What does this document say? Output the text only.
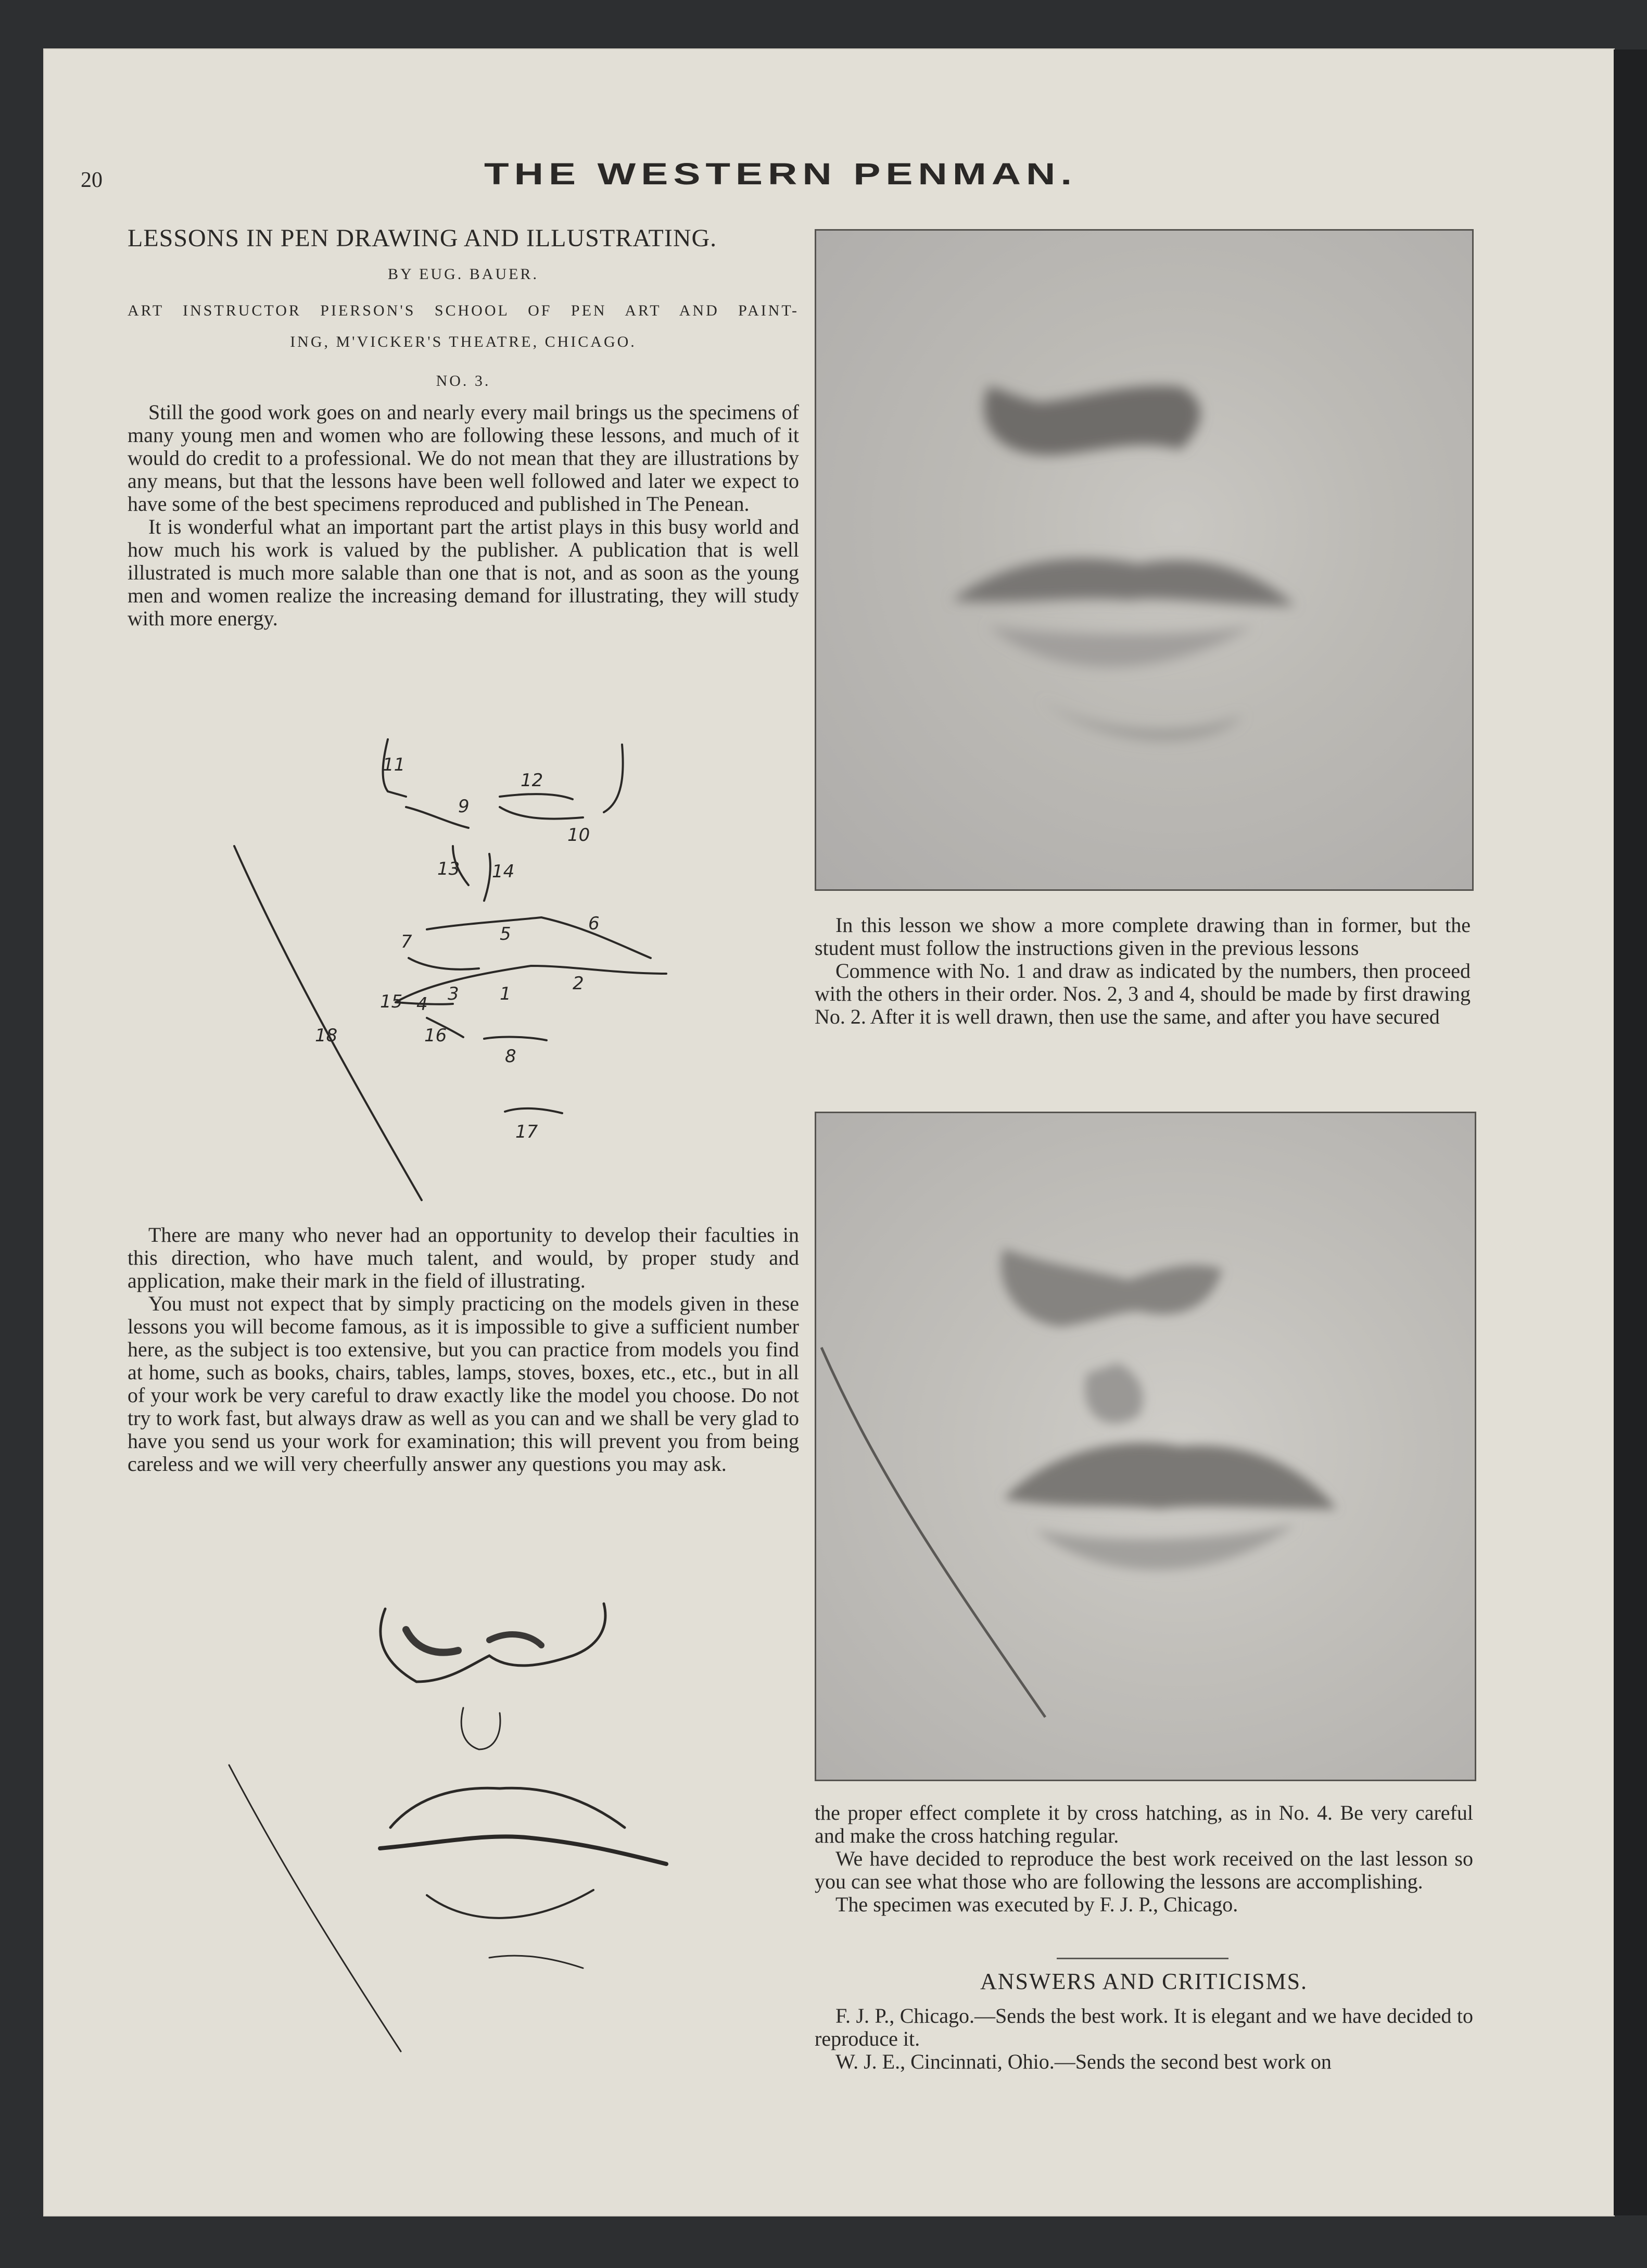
20	THE WESTERN PENMAN.
LESSONS IN PEN DRAWING AND ILLUSTRATING.
BY EUG. BAUER.
ART INSTRUCTOR PIERSON'S SCHOOL OF PEN ART AND PAINT-
ING, M'VICKER'S THEATRE, CHICAGO.
NO. 3.

Still the good work goes on and nearly every mail brings us the specimens of many young men and women who are following these lessons, and much of it would do credit to a professional. We do not mean that they are illustrations by any means, but that the lessons have been well followed and later we expect to have some of the best specimens reproduced and published in The Penean.

It is wonderful what an important part the artist plays in this busy world and how much his work is valued by the publisher. A publication that is well illustrated is much more salable than one that is not, and as soon as the young men and women realize the increasing demand for illustrating, they will study with more energy.

11
9
12
10
13 14
7	5	6
15 4 3 1	2
16
8
17
18

There are many who never had an opportunity to develop their faculties in this direction, who have much talent, and would, by proper study and application, make their mark in the field of illustrating.

You must not expect that by simply practicing on the models given in these lessons you will become famous, as it is impossible to give a sufficient number here, as the subject is too extensive, but you can practice from models you find at home, such as books, chairs, tables, lamps, stoves, boxes, etc., etc., but in all of your work be very careful to draw exactly like the model you choose. Do not try to work fast, but always draw as well as you can and we shall be very glad to have you send us your work for examination; this will prevent you from being careless and we will very cheerfully answer any questions you may ask.

In this lesson we show a more complete drawing than in former, but the student must follow the instructions given in the previous lessons

Commence with No. 1 and draw as indicated by the numbers, then proceed with the others in their order. Nos. 2, 3 and 4, should be made by first drawing No. 2. After it is well drawn, then use the same, and after you have secured

the proper effect complete it by cross hatching, as in No. 4. Be very careful and make the cross hatching regular.

We have decided to reproduce the best work received on the last lesson so you can see what those who are following the lessons are accomplishing.

The specimen was executed by F. J. P., Chicago.

ANSWERS AND CRITICISMS.

F. J. P., Chicago.—Sends the best work. It is elegant and we have decided to reproduce it.

W. J. E., Cincinnati, Ohio.—Sends the second best work on
